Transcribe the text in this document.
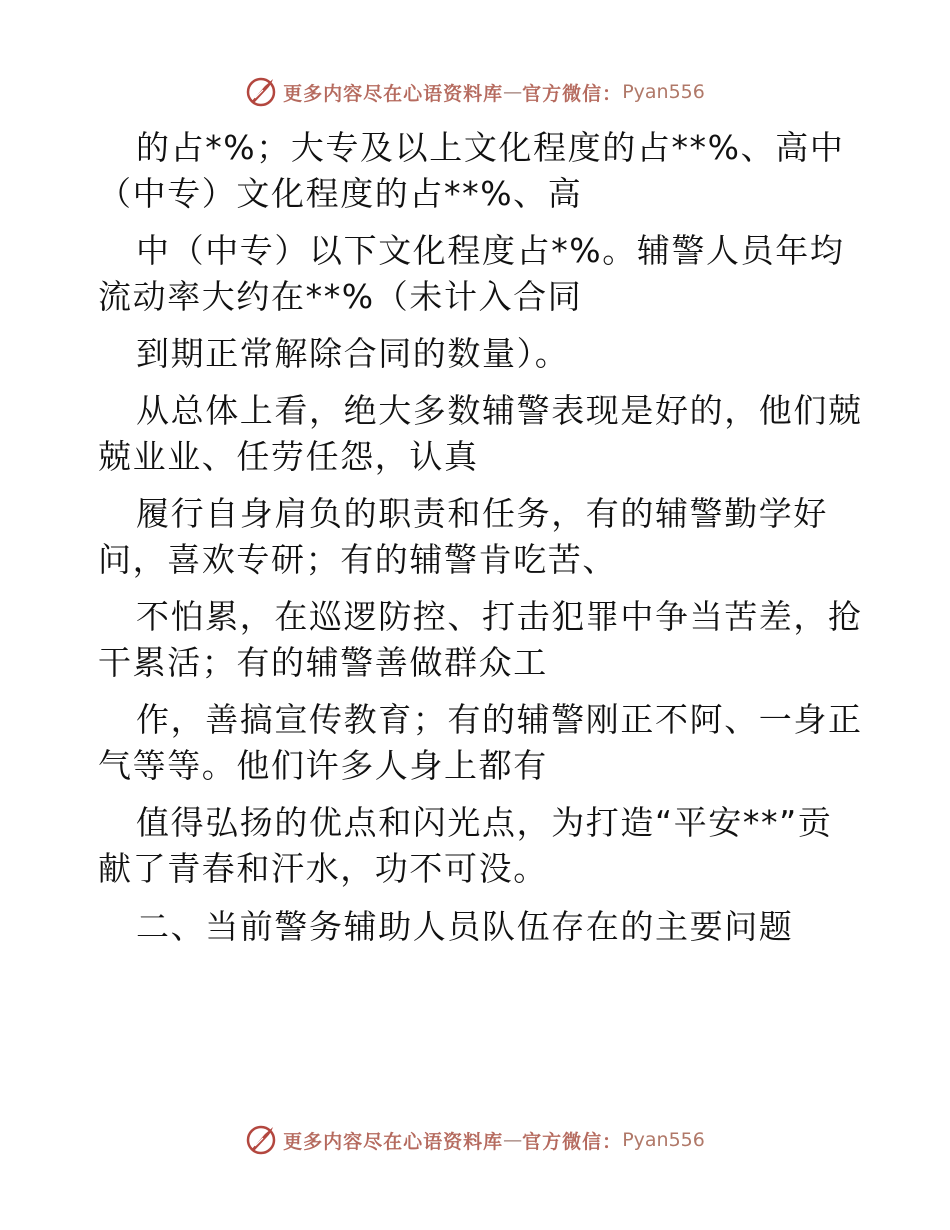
更多内容尽在心语资料库 — 官方微信： Pyan556
的占*%；大专及以上文化程度的占**%、高中
（中专）文化程度的占**%、高
中（中专）以下文化程度占*%。辅警人员年均
流动率大约在**%（未计入合同
到期正常解除合同的数量）。
从总体上看，绝大多数辅警表现是好的，他们兢
兢业业、任劳任怨，认真
履行自身肩负的职责和任务，有的辅警勤学好
问，喜欢专研；有的辅警肯吃苦、
不怕累，在巡逻防控、打击犯罪中争当苦差，抢
干累活；有的辅警善做群众工
作，善搞宣传教育；有的辅警刚正不阿、一身正
气等等。他们许多人身上都有
值得弘扬的优点和闪光点，为打造“平安**”贡
献了青春和汗水，功不可没。
二、当前警务辅助人员队伍存在的主要问题
更多内容尽在心语资料库 — 官方微信： Pyan556
